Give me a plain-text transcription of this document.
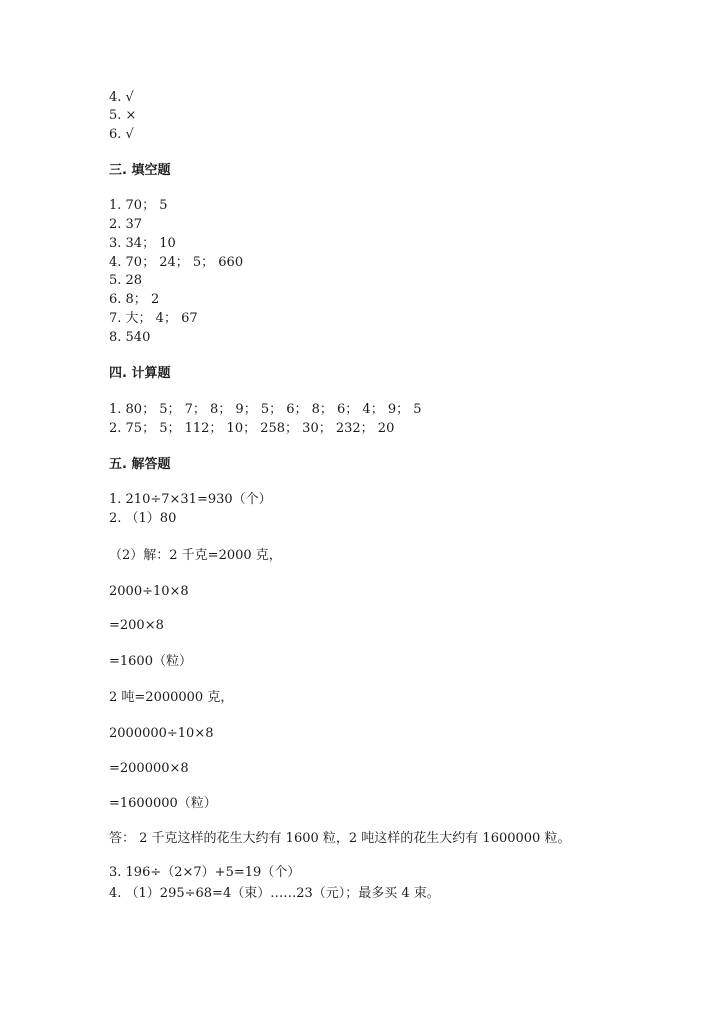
4. √
5. ×
6. √
三. 填空题
1. 70； 5
2. 37
3. 34； 10
4. 70； 24； 5； 660
5. 28
6. 8； 2
7. 大； 4； 67
8. 540
四. 计算题
1. 80； 5； 7； 8； 9； 5； 6； 8； 6； 4； 9； 5
2. 75； 5； 112； 10； 258； 30； 232； 20
五. 解答题
1. 210÷7×31=930（个）
2. （1）80
（2）解：2 千克=2000 克，
2000÷10×8
=200×8
=1600（粒）
2 吨=2000000 克，
2000000÷10×8
=200000×8
=1600000（粒）
答： 2 千克这样的花生大约有 1600 粒，2 吨这样的花生大约有 1600000 粒。
3. 196÷（2×7）+5=19（个）
4. （1）295÷68=4（束）……23（元）；最多买 4 束。
